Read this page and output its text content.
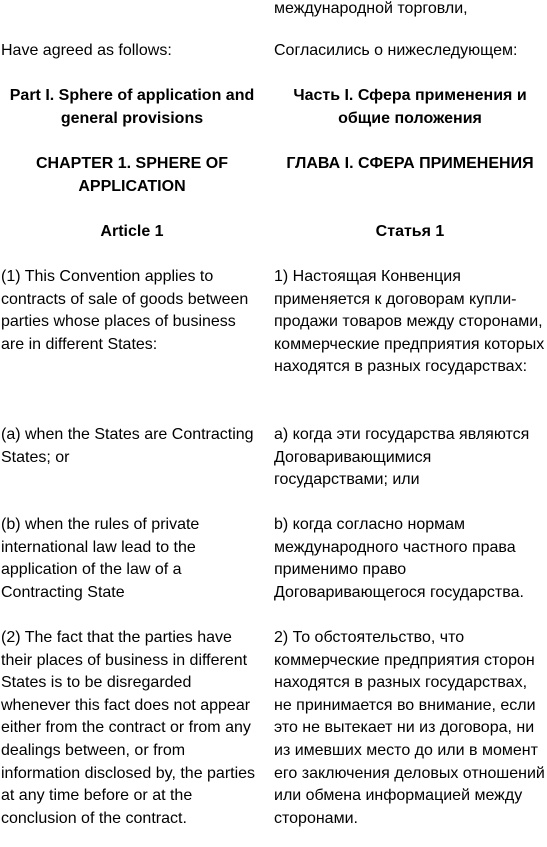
Have agreed as follows:

Part I. Sphere of application and general provisions

CHAPTER 1. SPHERE OF APPLICATION

Article 1

(1) This Convention applies to contracts of sale of goods between parties whose places of business are in different States:

(a) when the States are Contracting States; or

(b) when the rules of private international law lead to the application of the law of a Contracting State

(2) The fact that the parties have their places of business in different States is to be disregarded whenever this fact does not appear either from the contract or from any dealings between, or from information disclosed by, the parties at any time before or at the conclusion of the contract.

международной торговли,

Согласились о нижеследующем:

Часть I. Сфера применения и общие положения

ГЛАВА I. СФЕРА ПРИМЕНЕНИЯ

Статья 1

1) Настоящая Конвенция применяется к договорам купли-продажи товаров между сторонами, коммерческие предприятия которых находятся в разных государствах:

a) когда эти государства являются Договаривающимися государствами; или

b) когда согласно нормам международного частного права применимо право Договаривающегося государства.

2) То обстоятельство, что коммерческие предприятия сторон находятся в разных государствах, не принимается во внимание, если это не вытекает ни из договора, ни из имевших место до или в момент его заключения деловых отношений или обмена информацией между сторонами.
